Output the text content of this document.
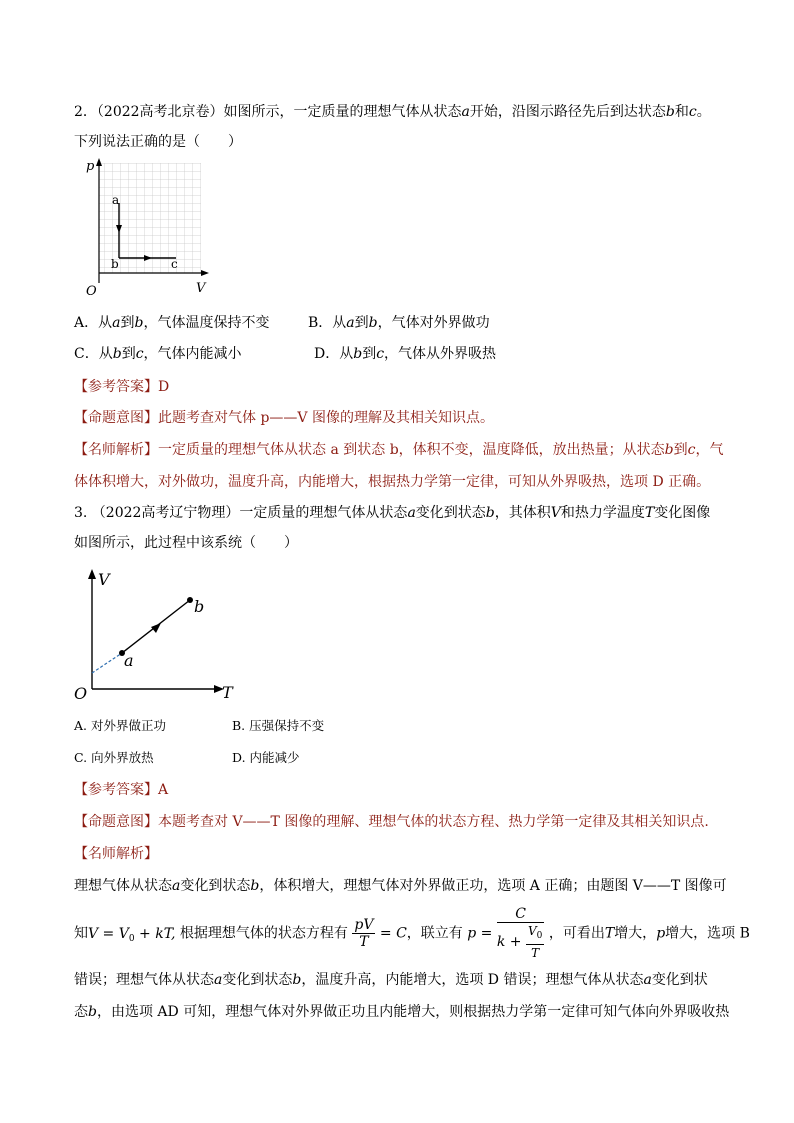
2．（2022高考北京卷）如图所示，一定质量的理想气体从状态a开始，沿图示路径先后到达状态b和c。
下列说法正确的是（　　）
p
V
O
a
b	c
A．从a到b，气体温度保持不变	B．从a到b，气体对外界做功
C．从b到c，气体内能减小	D．从b到c，气体从外界吸热
【参考答案】D
【命题意图】此题考查对气体 p——V 图像的理解及其相关知识点。
【名师解析】一定质量的理想气体从状态 a 到状态 b，体积不变，温度降低，放出热量；从状态b到c，气
体体积增大，对外做功，温度升高，内能增大，根据热力学第一定律，可知从外界吸热，选项 D 正确。
3. （2022高考辽宁物理）一定质量的理想气体从状态a变化到状态b，其体积V和热力学温度T变化图像
如图所示，此过程中该系统（　　）
V
T
O
a
b
A. 对外界做正功	B. 压强保持不变
C. 向外界放热	D. 内能减少
【参考答案】A
【命题意图】本题考查对 V——T 图像的理解、理想气体的状态方程、热力学第一定律及其相关知识点.
【名师解析】
理想气体从状态a变化到状态b，体积增大，理想气体对外界做正功，选项 A 正确；由题图 V——T 图像可
知$V = V_0$ + kT, 根据理想气体的状态方程有 $\frac{pV}{T} = C$，联立有 $p = \frac{C}{k + \frac{V_0}{T}}$ ，可看出T增大，p增大，选项 B
错误；理想气体从状态a变化到状态b，温度升高，内能增大，选项 D 错误；理想气体从状态a变化到状
态b，由选项 AD 可知，理想气体对外界做正功且内能增大，则根据热力学第一定律可知气体向外界吸收热
